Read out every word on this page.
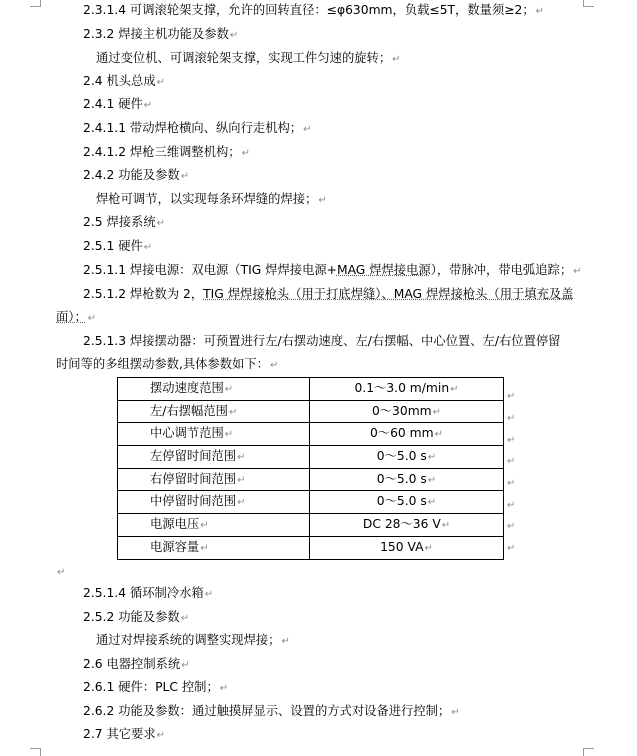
2.3.1.4 可调滚轮架支撑，允许的回转直径：≤φ630mm，负载≤5T，数量须≥2；↵
2.3.2 焊接主机功能及参数↵
通过变位机、可调滚轮架支撑，实现工件匀速的旋转；↵
2.4 机头总成↵
2.4.1 硬件↵
2.4.1.1 带动焊枪横向、纵向行走机构；↵
2.4.1.2 焊枪三维调整机构；↵
2.4.2 功能及参数↵
焊枪可调节，以实现每条环焊缝的焊接；↵
2.5 焊接系统↵
2.5.1 硬件↵
2.5.1.1 焊接电源：双电源（TIG 焊焊接电源+MAG 焊焊接电源），带脉冲，带电弧追踪；↵
2.5.1.2 焊枪数为 2，TIG 焊焊接枪头（用于打底焊缝）、MAG 焊焊接枪头（用于填充及盖
面）；↵
2.5.1.3 焊接摆动器：可预置进行左/右摆动速度、左/右摆幅、中心位置、左/右位置停留
时间等的多组摆动参数,具体参数如下：↵
摆动速度范围↵	0.1～3.0 m/min↵
左/右摆幅范围↵	0～30mm↵
中心调节范围↵	0～60 mm↵
左停留时间范围↵	0～5.0 s↵
右停留时间范围↵	0～5.0 s↵
中停留时间范围↵	0～5.0 s↵
电源电压↵	DC 28～36 V↵
电源容量↵	150 VA↵
↵
↵
↵
↵
↵
↵
↵
↵
↵
2.5.1.4 循环制冷水箱↵
2.5.2 功能及参数↵
通过对焊接系统的调整实现焊接；↵
2.6 电器控制系统↵
2.6.1 硬件：PLC 控制；↵
2.6.2 功能及参数：通过触摸屏显示、设置的方式对设备进行控制；↵
2.7 其它要求↵
